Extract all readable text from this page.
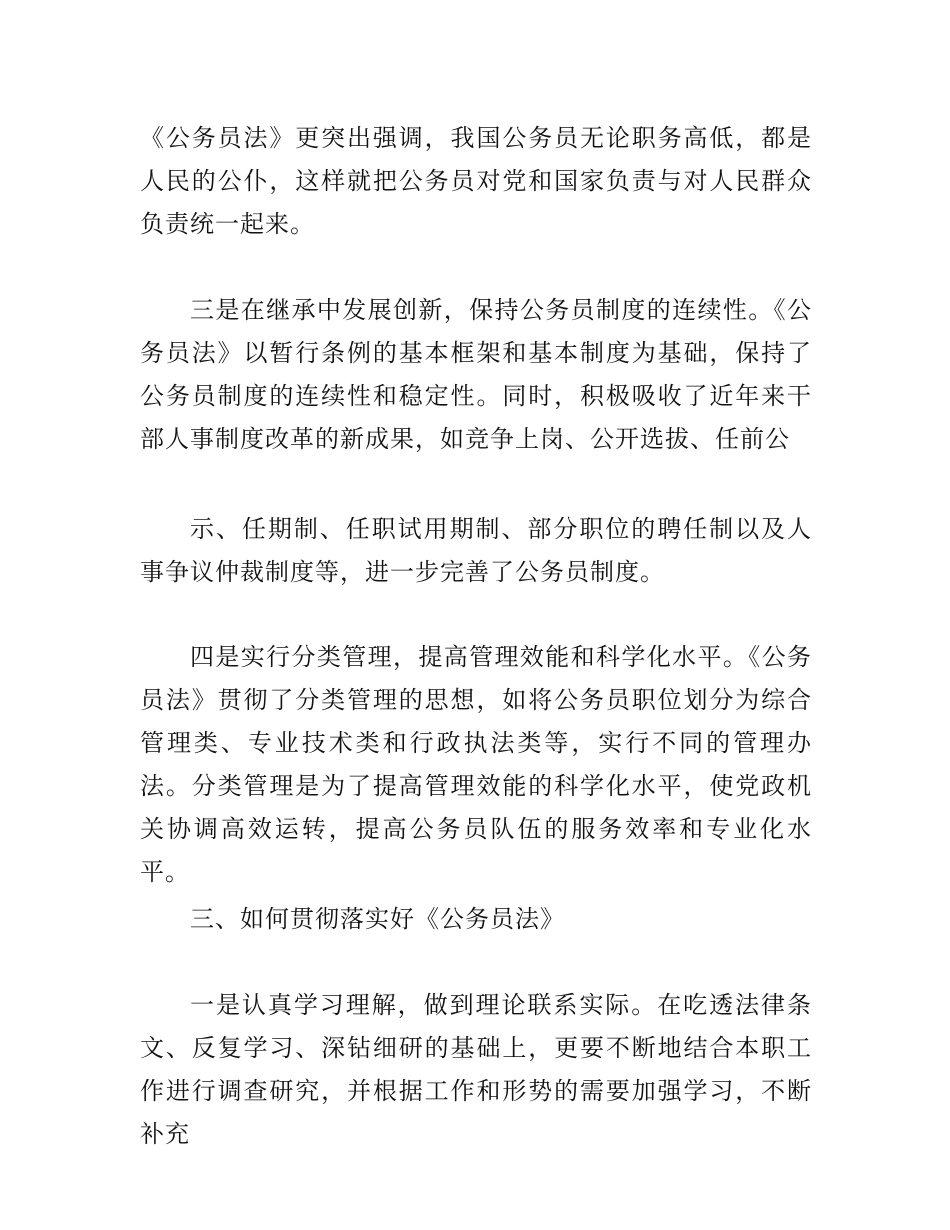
《公务员法》更突出强调，我国公务员无论职务高低，都是人民的公仆，这样就把公务员对党和国家负责与对人民群众负责统一起来。

三是在继承中发展创新，保持公务员制度的连续性。《公务员法》以暂行条例的基本框架和基本制度为基础，保持了公务员制度的连续性和稳定性。同时，积极吸收了近年来干部人事制度改革的新成果，如竞争上岗、公开选拔、任前公

示、任期制、任职试用期制、部分职位的聘任制以及人事争议仲裁制度等，进一步完善了公务员制度。

四是实行分类管理，提高管理效能和科学化水平。《公务员法》贯彻了分类管理的思想，如将公务员职位划分为综合管理类、专业技术类和行政执法类等，实行不同的管理办法。分类管理是为了提高管理效能的科学化水平，使党政机关协调高效运转，提高公务员队伍的服务效率和专业化水平。

三、如何贯彻落实好《公务员法》

一是认真学习理解，做到理论联系实际。在吃透法律条文、反复学习、深钻细研的基础上，更要不断地结合本职工作进行调查研究，并根据工作和形势的需要加强学习，不断补充
